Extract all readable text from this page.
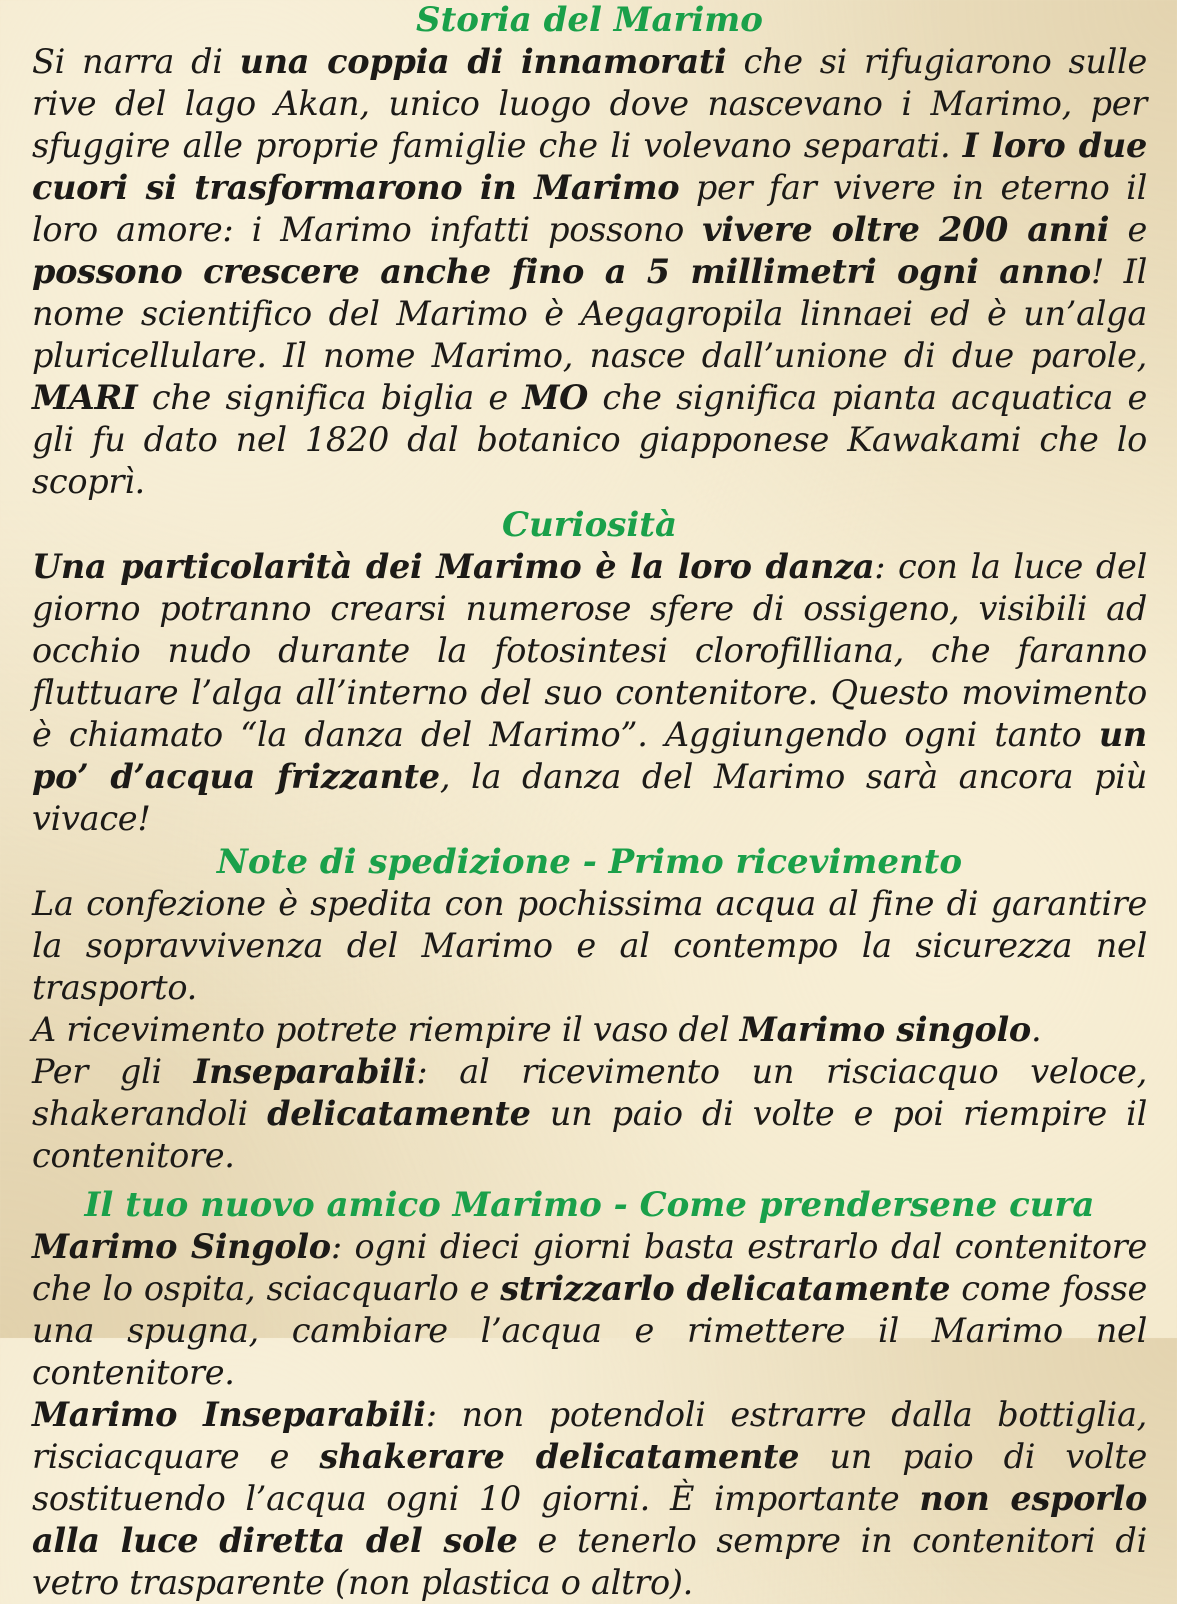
Storia del Marimo

Si narra di una coppia di innamorati che si rifugiarono sulle rive del lago Akan, unico luogo dove nascevano i Marimo, per sfuggire alle proprie famiglie che li volevano separati. I loro due cuori si trasformarono in Marimo per far vivere in eterno il loro amore: i Marimo infatti possono vivere oltre 200 anni e possono crescere anche fino a 5 millimetri ogni anno! Il nome scientifico del Marimo è Aegagropila linnaei ed è un’alga pluricellulare. Il nome Marimo, nasce dall’unione di due parole, MARI che significa biglia e MO che significa pianta acquatica e gli fu dato nel 1820 dal botanico giapponese Kawakami che lo scoprì.

Curiosità

Una particolarità dei Marimo è la loro danza: con la luce del giorno potranno crearsi numerose sfere di ossigeno, visibili ad occhio nudo durante la fotosintesi clorofilliana, che faranno fluttuare l’alga all’interno del suo contenitore. Questo movimento è chiamato “la danza del Marimo”. Aggiungendo ogni tanto un po’ d’acqua frizzante, la danza del Marimo sarà ancora più vivace!

Note di spedizione - Primo ricevimento

La confezione è spedita con pochissima acqua al fine di garantire la sopravvivenza del Marimo e al contempo la sicurezza nel trasporto.

A ricevimento potrete riempire il vaso del Marimo singolo.

Per gli Inseparabili: al ricevimento un risciacquo veloce, shakerandoli delicatamente un paio di volte e poi riempire il contenitore.

Il tuo nuovo amico Marimo - Come prendersene cura

Marimo Singolo: ogni dieci giorni basta estrarlo dal contenitore che lo ospita, sciacquarlo e strizzarlo delicatamente come fosse una spugna, cambiare l’acqua e rimettere il Marimo nel contenitore.

Marimo Inseparabili: non potendoli estrarre dalla bottiglia, risciacquare e shakerare delicatamente un paio di volte sostituendo l’acqua ogni 10 giorni. È importante non esporlo alla luce diretta del sole e tenerlo sempre in contenitori di vetro trasparente (non plastica o altro).
